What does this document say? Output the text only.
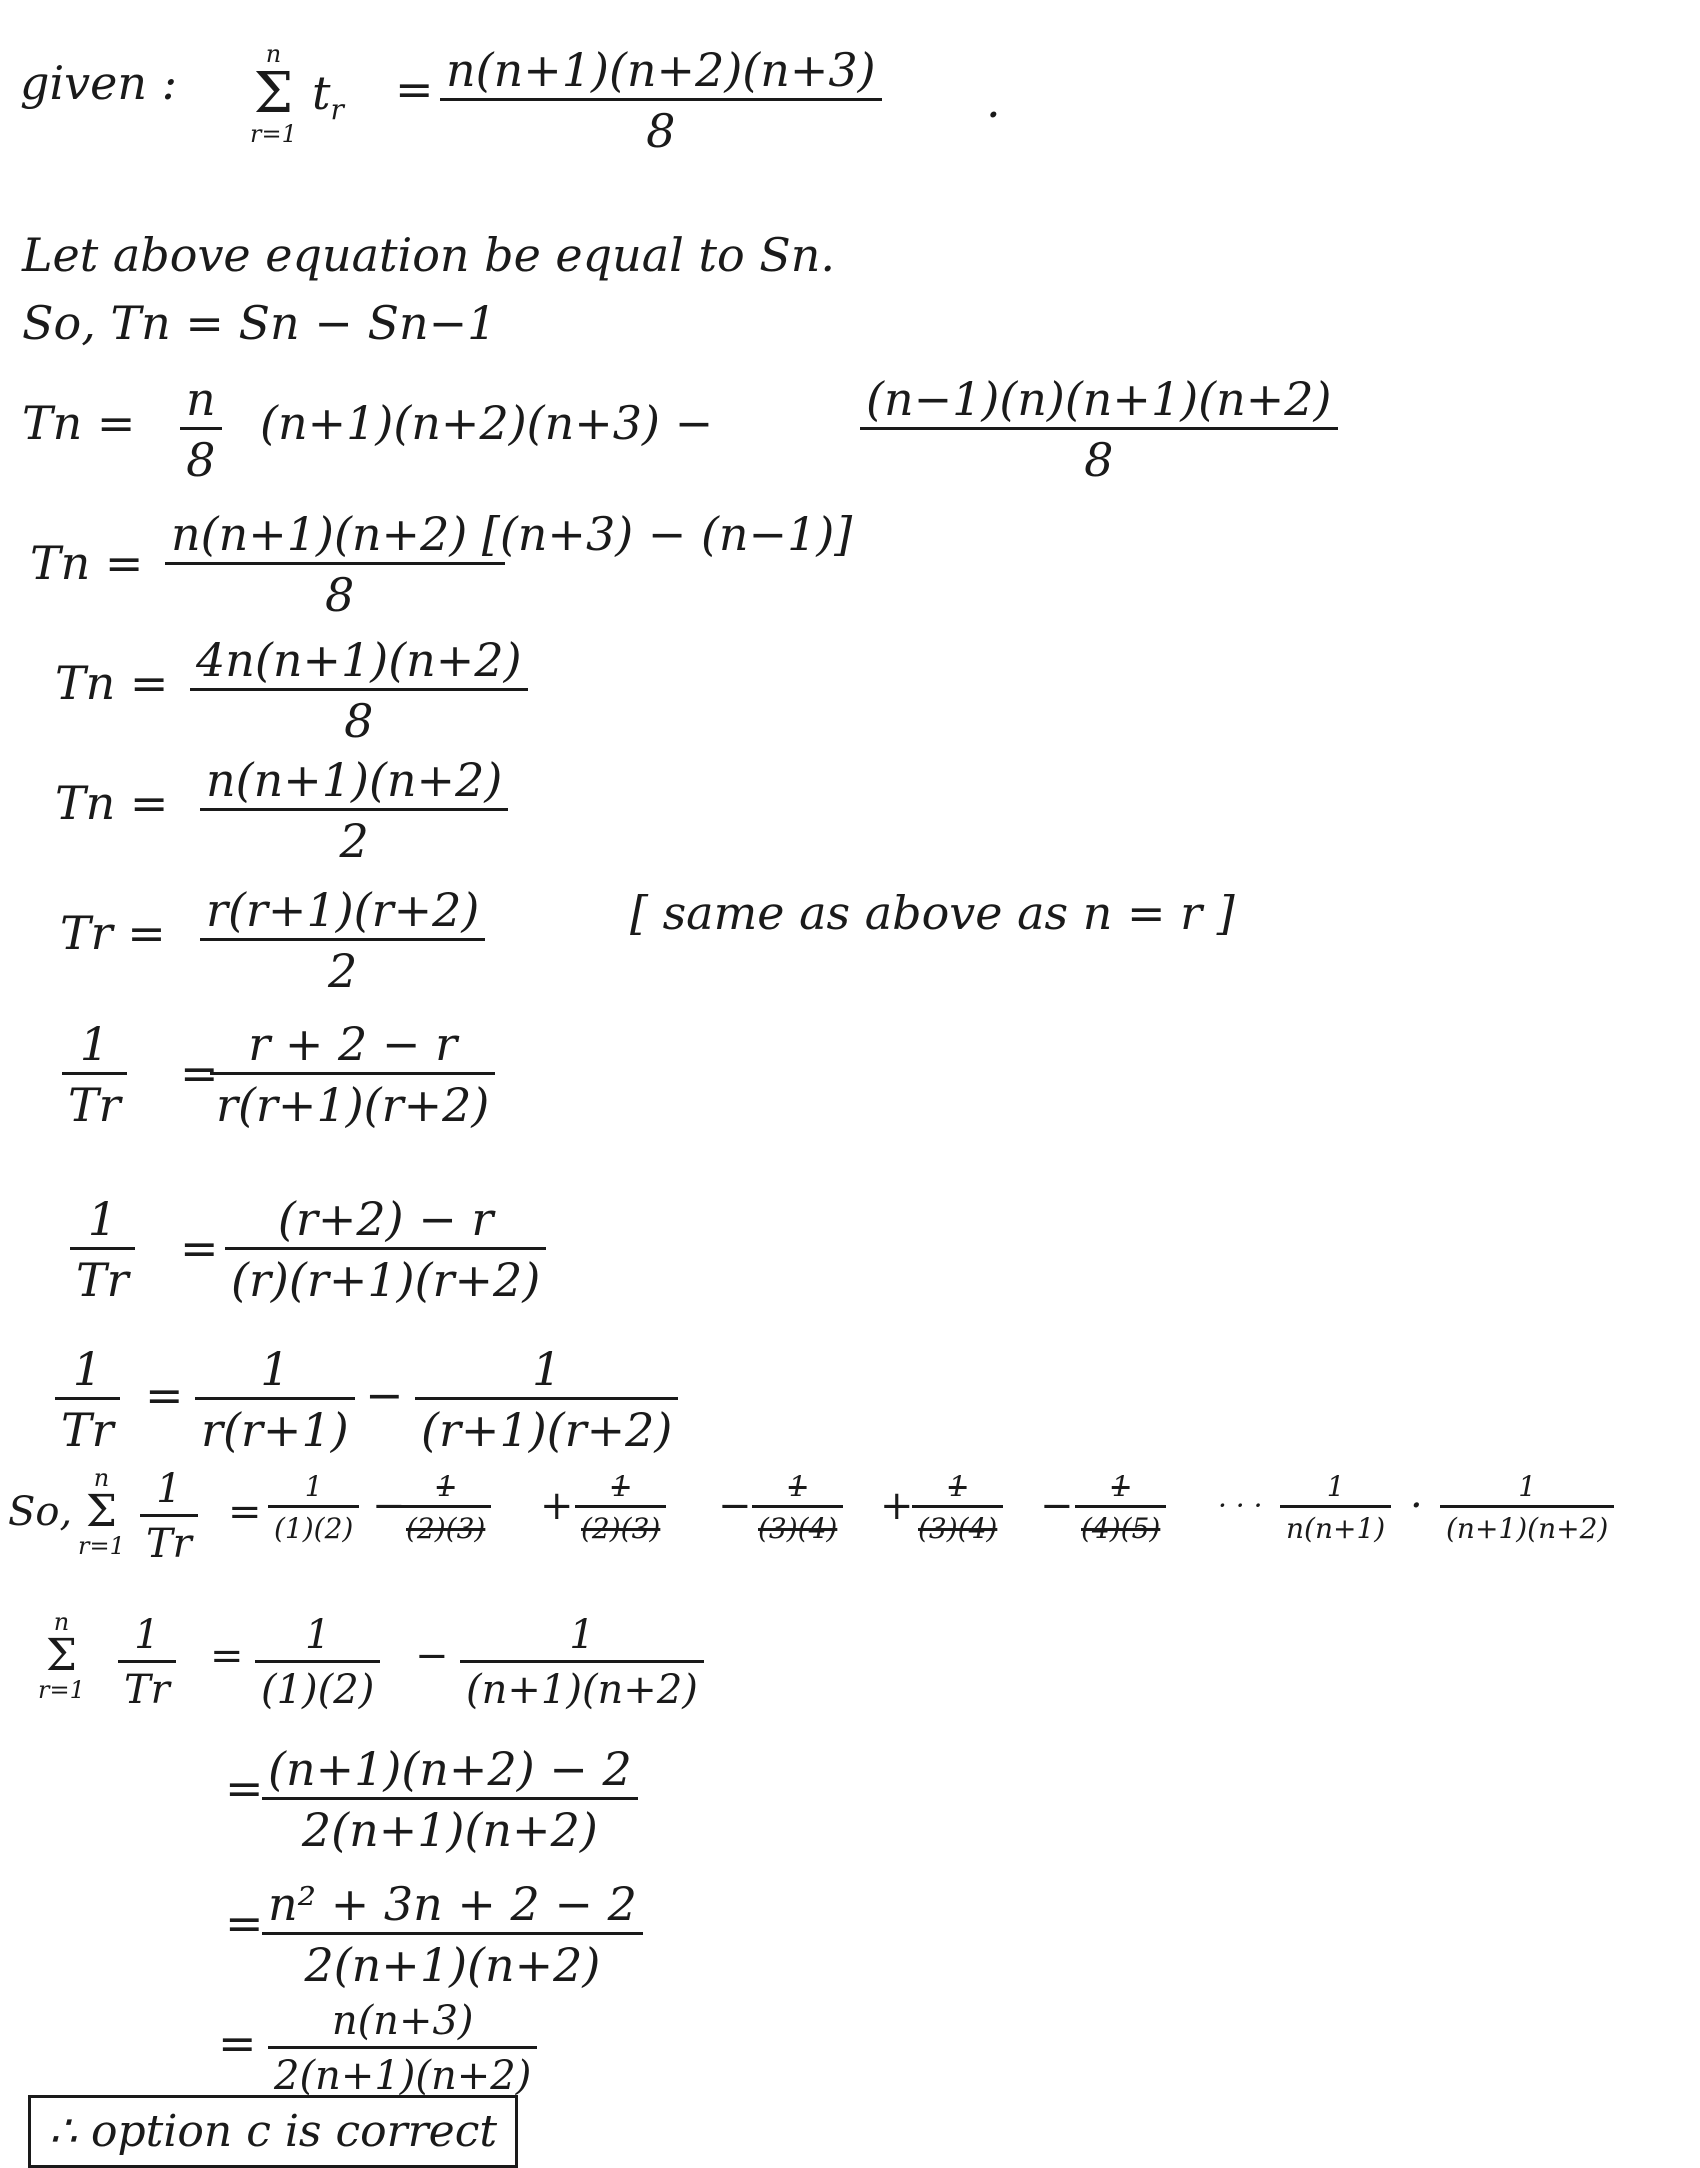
given :
n
Σ
r=1
$t_r = n(n+1)(n+2)(n+3)$
8
.
Let above equation be equal to Sn.
So, Tn = Sn − Sn−1
Tn = n
8
(n+1)(n+2)(n+3) −	(n−1)(n)(n+1)(n+2)
8
Tn =
n(n+1)(n+2) [(n+3) − (n−1)]
8
Tn = 4n(n+1)(n+2)
8
Tn = n(n+1)(n+2)
2
Tr = r(r+1)(r+2)
2
[ same as above as n = r ]
1
Tr
=
r + 2 − r
r(r+1)(r+2)
1
Tr
=
(r+2) − r
(r)(r+1)(r+2)
1
Tr
= 1
r(r+1)
−	1
(r+1)(r+2)
So,
n
Σ
r=1
1
Tr
=
1
(1)(2) − 1
(2)(3) + 1
(2)(3) − 1
(3)(4) + 1
(3)(4) − 1
(4)(5)
· · ·
1
n(n+1) ·	1
(n+1)(n+2)
n
Σ
r=1
1
Tr
= 1
(1)(2)
−	1
(n+1)(n+2)
= (n+1)(n+2) − 2
2(n+1)(n+2)
= n² + 3n + 2 − 2
2(n+1)(n+2)
= n(n+3)
2(n+1)(n+2)
∴ option c is correct
